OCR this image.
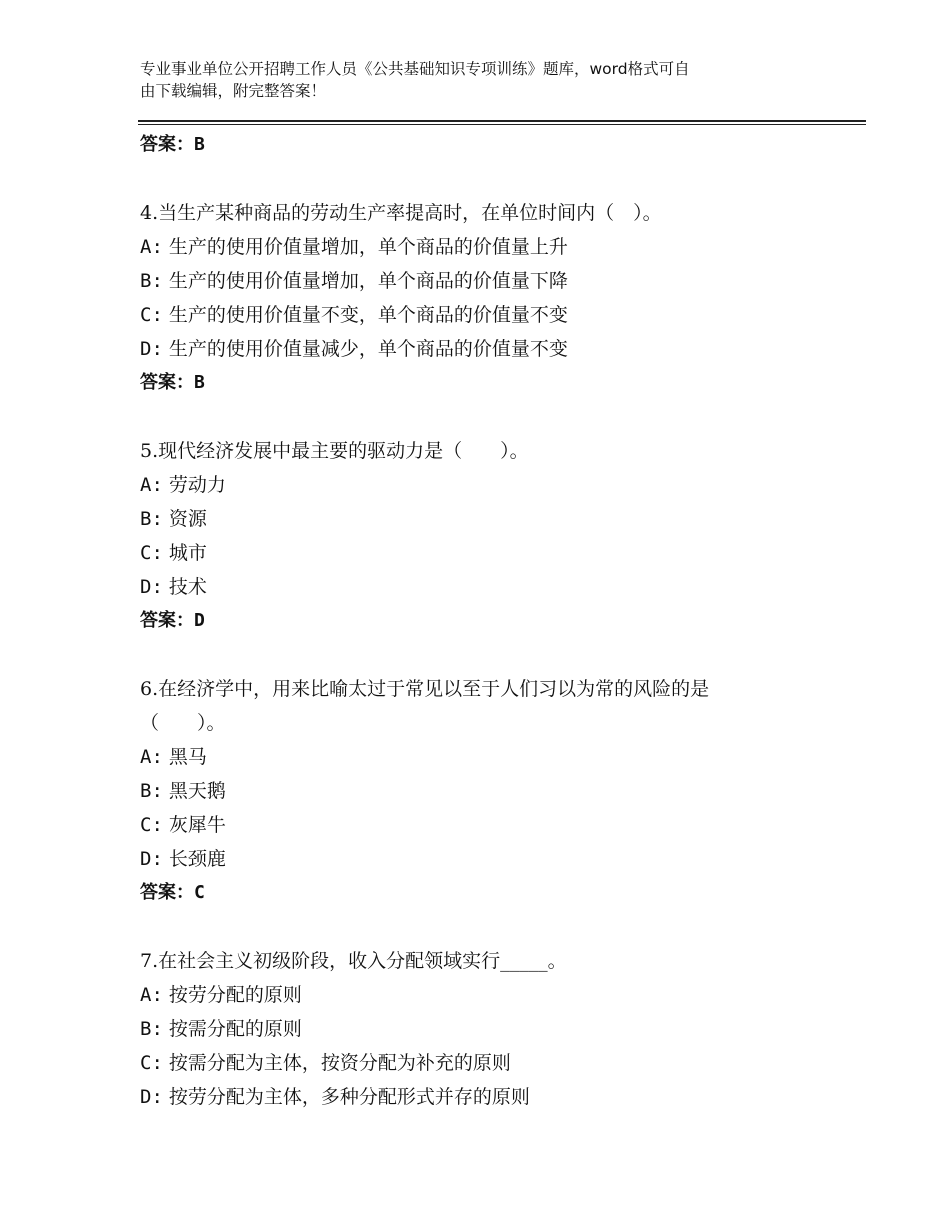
专业事业单位公开招聘工作人员《公共基础知识专项训练》题库，word格式可自
由下载编辑，附完整答案！
答案：B
4.当生产某种商品的劳动生产率提高时，在单位时间内（　）。
A: 生产的使用价值量增加，单个商品的价值量上升
B: 生产的使用价值量增加，单个商品的价值量下降
C: 生产的使用价值量不变，单个商品的价值量不变
D: 生产的使用价值量减少，单个商品的价值量不变
答案：B
5.现代经济发展中最主要的驱动力是（　　）。
A: 劳动力
B: 资源
C: 城市
D: 技术
答案：D
6.在经济学中，用来比喻太过于常见以至于人们习以为常的风险的是
（　　）。
A: 黑马
B: 黑天鹅
C: 灰犀牛
D: 长颈鹿
答案：C
7.在社会主义初级阶段，收入分配领域实行_____。
A: 按劳分配的原则
B: 按需分配的原则
C: 按需分配为主体，按资分配为补充的原则
D: 按劳分配为主体，多种分配形式并存的原则
